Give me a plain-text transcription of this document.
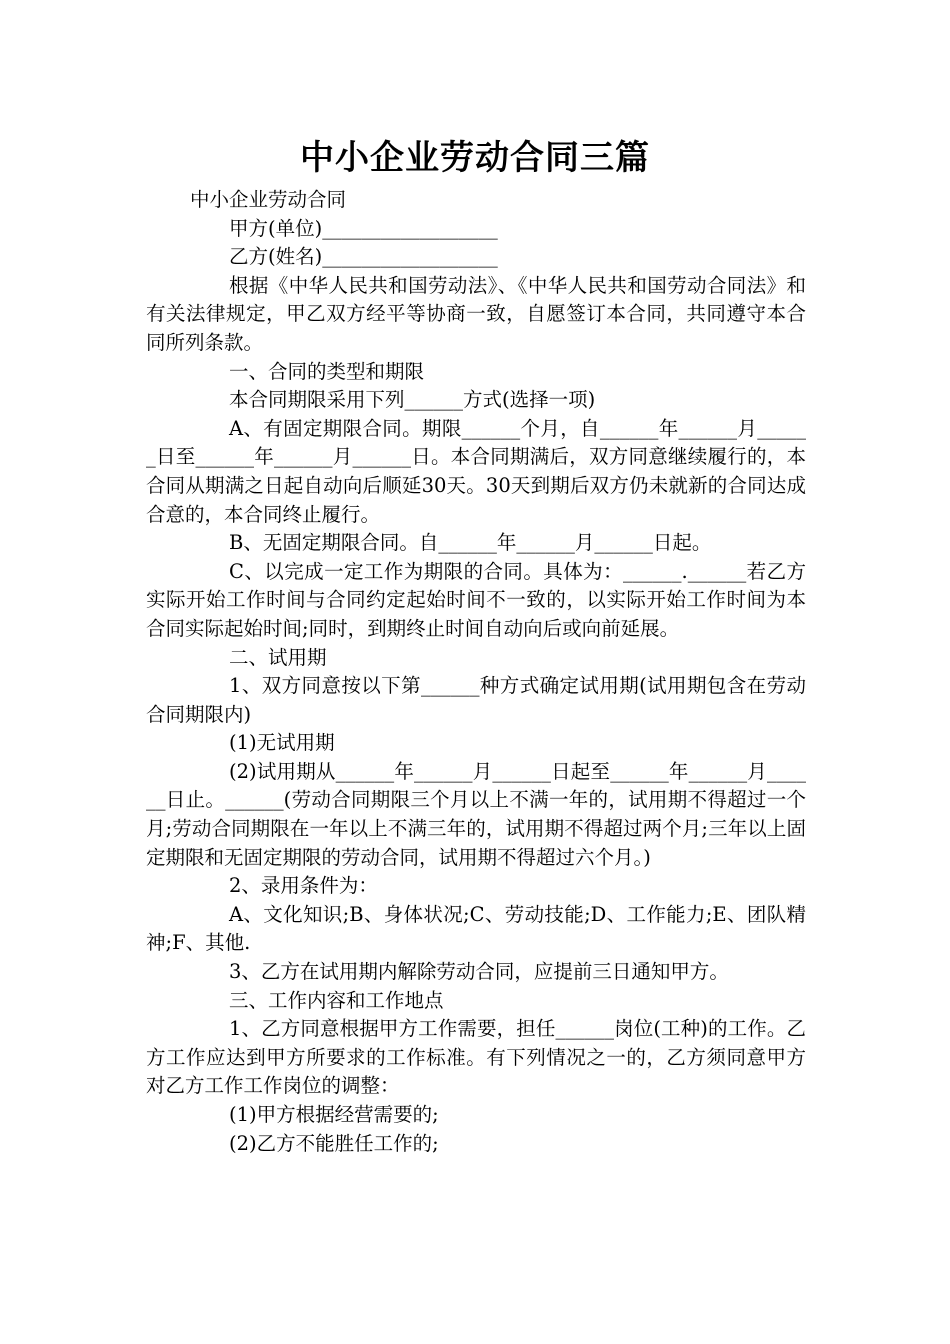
中小企业劳动合同三篇

中小企业劳动合同

甲方(单位)__________________

乙方(姓名)__________________

根据《中华人民共和国劳动法》、《中华人民共和国劳动合同法》和有关法律规定，甲乙双方经平等协商一致，自愿签订本合同，共同遵守本合同所列条款。

一、合同的类型和期限

本合同期限采用下列______方式(选择一项)

A、有固定期限合同。期限______个月，自______年______月______日至______年______月______日。本合同期满后，双方同意继续履行的，本合同从期满之日起自动向后顺延30天。30天到期后双方仍未就新的合同达成合意的，本合同终止履行。

B、无固定期限合同。自______年______月______日起。

C、以完成一定工作为期限的合同。具体为：______.______若乙方实际开始工作时间与合同约定起始时间不一致的，以实际开始工作时间为本合同实际起始时间;同时，到期终止时间自动向后或向前延展。

二、试用期

1、双方同意按以下第______种方式确定试用期(试用期包含在劳动合同期限内)

(1)无试用期

(2)试用期从______年______月______日起至______年______月______日止。______(劳动合同期限三个月以上不满一年的，试用期不得超过一个月;劳动合同期限在一年以上不满三年的，试用期不得超过两个月;三年以上固定期限和无固定期限的劳动合同，试用期不得超过六个月。)

2、录用条件为：

A、文化知识;B、身体状况;C、劳动技能;D、工作能力;E、团队精神;F、其他.

3、乙方在试用期内解除劳动合同，应提前三日通知甲方。

三、工作内容和工作地点

1、乙方同意根据甲方工作需要，担任______岗位(工种)的工作。乙方工作应达到甲方所要求的工作标准。有下列情况之一的，乙方须同意甲方对乙方工作工作岗位的调整：

(1)甲方根据经营需要的;

(2)乙方不能胜任工作的;
